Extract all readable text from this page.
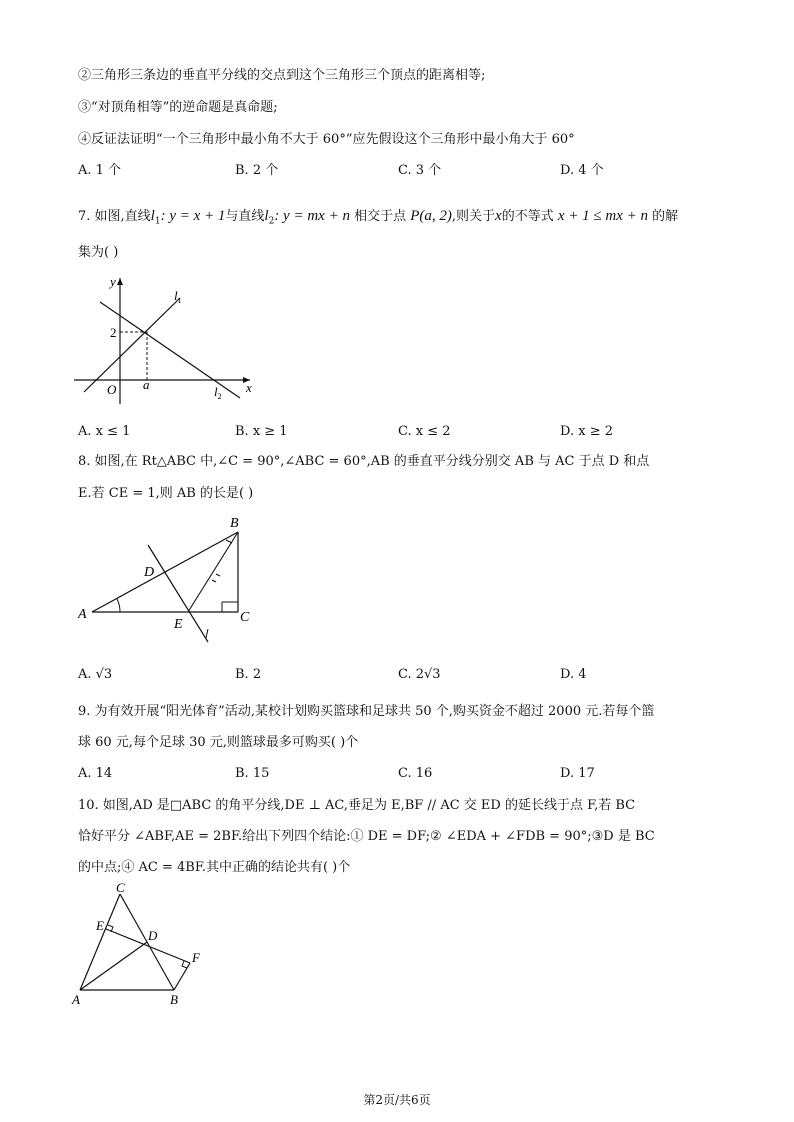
②三角形三条边的垂直平分线的交点到这个三角形三个顶点的距离相等;
③“对顶角相等”的逆命题是真命题;
④反证法证明“一个三角形中最小角不大于 60°”应先假设这个三角形中最小角大于 60°
A. 1 个	B. 2 个	C. 3 个	D. 4 个
7. 如图,直线$l_1$: y = x + 1与直线$l_2$: y = mx + n 相交于点 P(a, 2),则关于x的不等式 x + 1 ≤ mx + n 的解
集为( )
y
x
O a
2
$l_1$
$l_2$
A. x ≤ 1	B. x ≥ 1	C. x ≤ 2	D. x ≥ 2
8. 如图,在 Rt△ABC 中,∠C = 90°,∠ABC = 60°,AB 的垂直平分线分别交 AB 与 AC 于点 D 和点
E.若 CE = 1,则 AB 的长是( )
A
B
C
D
E
A. √3	B. 2	C. 2√3	D. 4
9. 为有效开展“阳光体育”活动,某校计划购买篮球和足球共 50 个,购买资金不超过 2000 元.若每个篮
球 60 元,每个足球 30 元,则篮球最多可购买( )个
A. 14	B. 15	C. 16	D. 17
10. 如图,AD 是□ABC 的角平分线,DE ⊥ AC,垂足为 E,BF // AC 交 ED 的延长线于点 F,若 BC
恰好平分 ∠ABF,AE = 2BF.给出下列四个结论:① DE = DF;② ∠EDA + ∠FDB = 90°;③D 是 BC
的中点;④ AC = 4BF.其中正确的结论共有( )个
C
E
D
F
A	B
第2页/共6页
